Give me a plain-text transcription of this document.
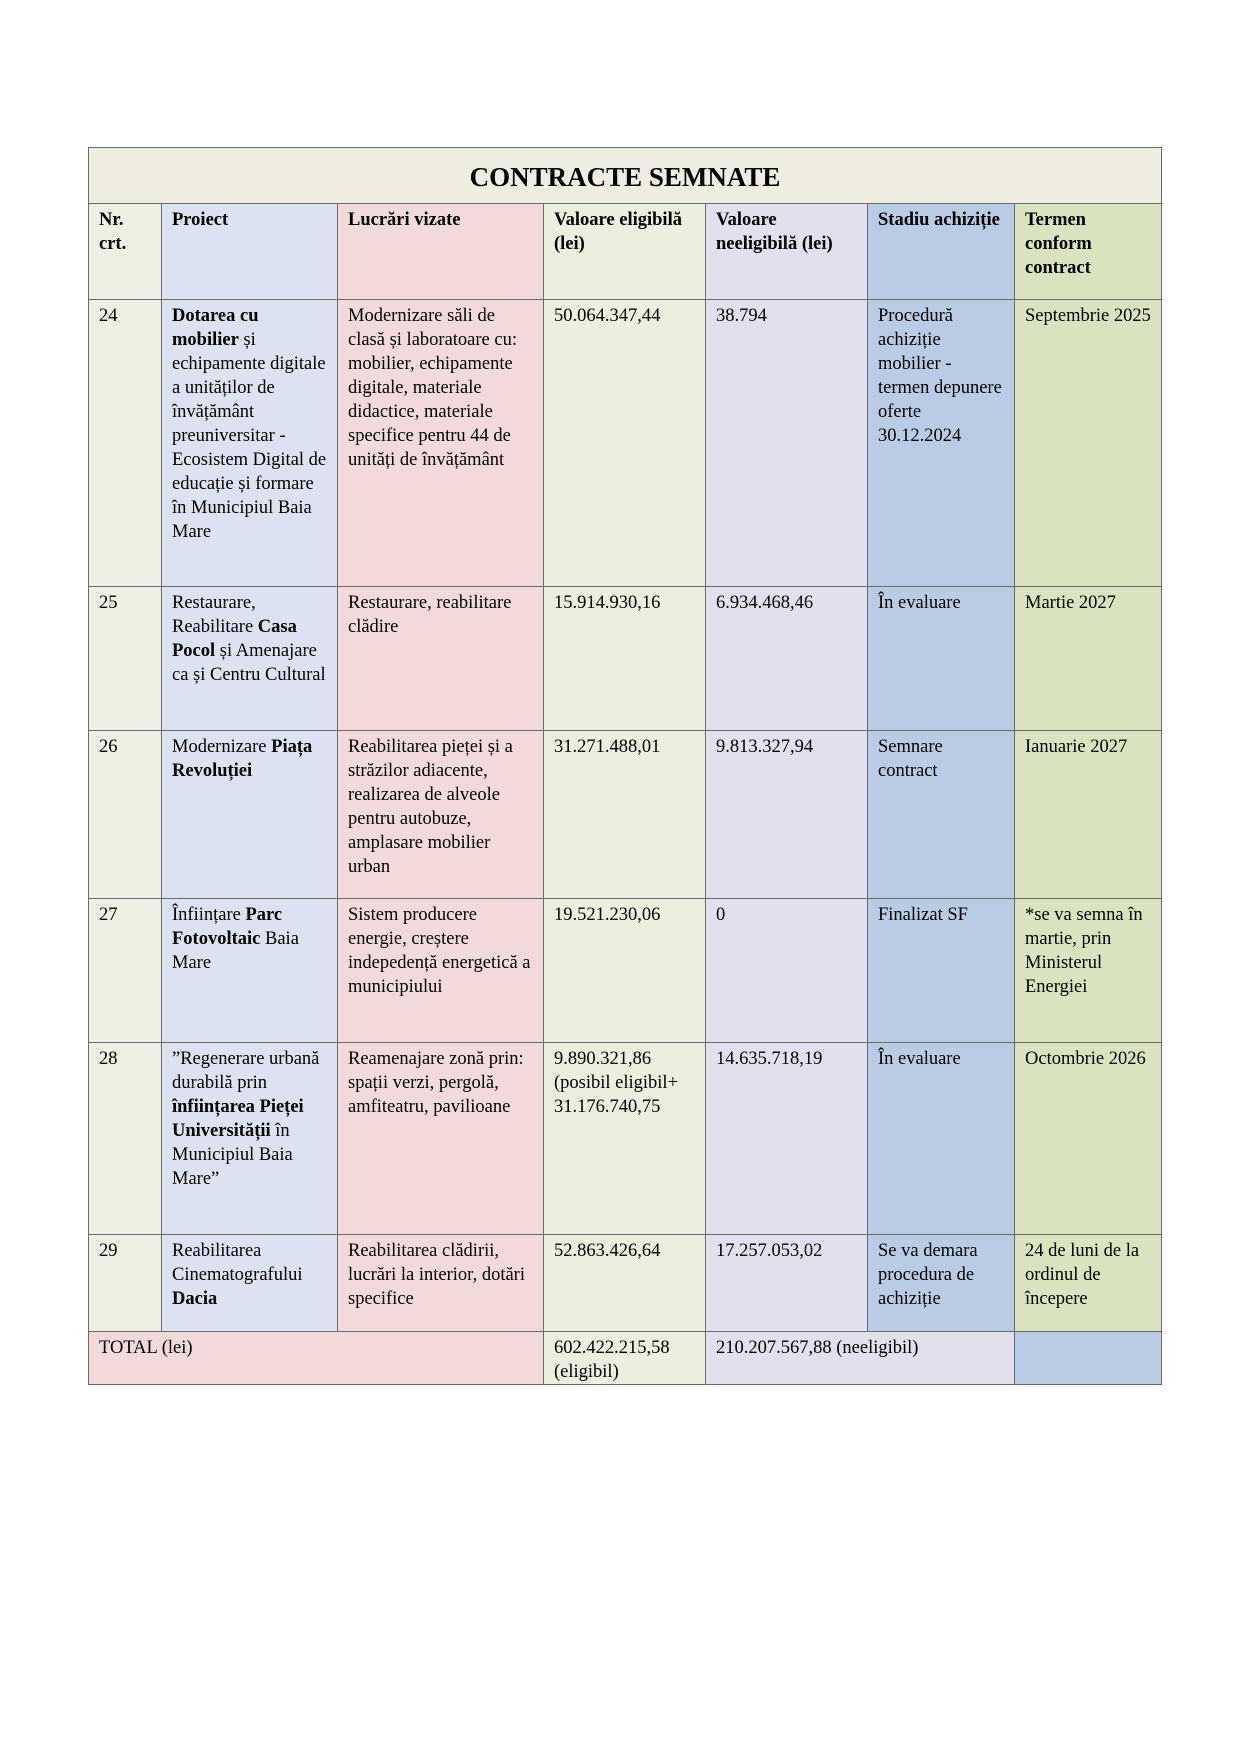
CONTRACTE SEMNATE						
Nr. crt.	Proiect	Lucrări vizate	Valoare eligibilă (lei)	Valoare neeligibilă (lei)	Stadiu achiziție	Termen conform contract
24	Dotarea cu mobilier și echipamente digitale a unităților de învățământ preuniversitar - Ecosistem Digital de educație și formare în Municipiul Baia Mare	Modernizare săli de clasă și laboratoare cu: mobilier, echipamente digitale, materiale didactice, materiale specifice pentru 44 de unități de învățământ	50.064.347,44	38.794	Procedură achiziție mobilier - termen depunere oferte 30.12.2024	Septembrie 2025
25	Restaurare, Reabilitare Casa Pocol și Amenajare ca și Centru Cultural	Restaurare, reabilitare clădire	15.914.930,16	6.934.468,46	În evaluare	Martie 2027
26	Modernizare Piața Revoluției	Reabilitarea pieței și a străzilor adiacente, realizarea de alveole pentru autobuze, amplasare mobilier urban	31.271.488,01	9.813.327,94	Semnare contract	Ianuarie 2027
27	Înființare Parc Fotovoltaic Baia Mare	Sistem producere energie, creștere indepedență energetică a municipiului	19.521.230,06	0	Finalizat SF	*se va semna în martie, prin Ministerul Energiei
28	”Regenerare urbană durabilă prin înființarea Pieței Universității în Municipiul Baia Mare”	Reamenajare zonă prin: spații verzi, pergolă, amfiteatru, pavilioane	9.890.321,86 (posibil eligibil+ 31.176.740,75	14.635.718,19	În evaluare	Octombrie 2026
29	Reabilitarea Cinematografului Dacia	Reabilitarea clădirii, lucrări la interior, dotări specifice	52.863.426,64	17.257.053,02	Se va demara procedura de achiziție	24 de luni de la ordinul de începere
TOTAL (lei)			602.422.215,58 (eligibil)	210.207.567,88 (neeligibil)		
